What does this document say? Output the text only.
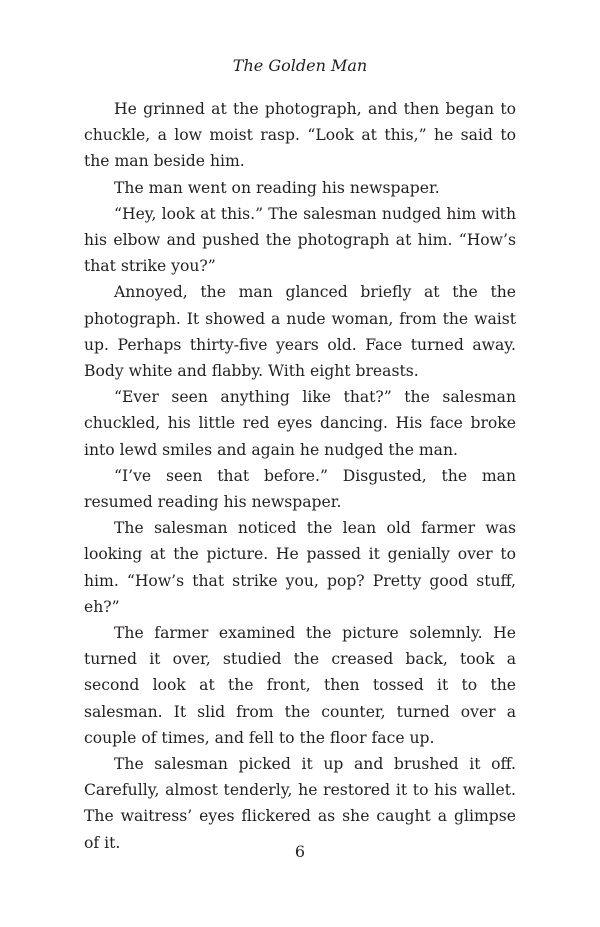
The Golden Man

He grinned at the photograph, and then began to chuckle, a low moist rasp. “Look at this,” he said to the man beside him.

The man went on reading his newspaper.

“Hey, look at this.” The salesman nudged him with his elbow and pushed the photograph at him. “How’s that strike you?”

Annoyed, the man glanced briefly at the the photograph. It showed a nude woman, from the waist up. Perhaps thirty-five years old. Face turned away. Body white and flabby. With eight breasts.

“Ever seen anything like that?” the salesman chuckled, his little red eyes dancing. His face broke into lewd smiles and again he nudged the man.

“I’ve seen that before.” Disgusted, the man resumed reading his newspaper.

The salesman noticed the lean old farmer was looking at the picture. He passed it genially over to him. “How’s that strike you, pop? Pretty good stuff, eh?”

The farmer examined the picture solemnly. He turned it over, studied the creased back, took a second look at the front, then tossed it to the salesman. It slid from the counter, turned over a couple of times, and fell to the floor face up.

The salesman picked it up and brushed it off. Carefully, almost tenderly, he restored it to his wallet. The waitress’ eyes flickered as she caught a glimpse of it.	6
